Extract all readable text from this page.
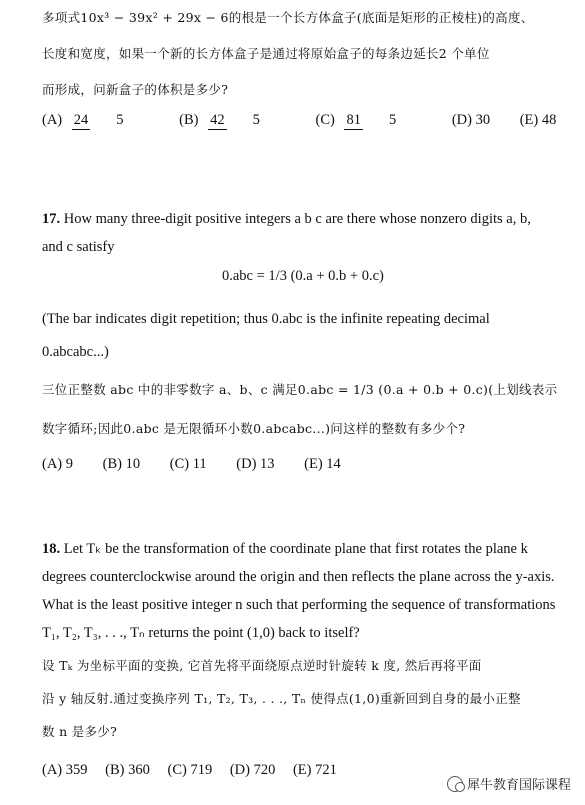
多项式10x³ − 39x² + 29x − 6的根是一个长方体盒子(底面是矩形的正棱柱)的高度、
长度和宽度，如果一个新的长方体盒子是通过将原始盒子的每条边延长2 个单位
而形成，问新盒子的体积是多少?
(A) 24 5	(B) 42 5	(C) 81 5	(D) 30 (E) 48
17. How many three-digit positive integers a b c are there whose nonzero digits a, b,
and c satisfy
0.abc = 1/3 (0.a + 0.b + 0.c)
(The bar indicates digit repetition; thus 0.abc is the infinite repeating decimal
0.abcabc...)
三位正整数 abc 中的非零数字 a、b、c 满足0.abc = 1/3 (0.a + 0.b + 0.c)(上划线表示
数字循环;因此0.abc 是无限循环小数0.abcabc...)问这样的整数有多少个?
(A) 9 (B) 10 (C) 11 (D) 13 (E) 14
18. Let Tₖ be the transformation of the coordinate plane that first rotates the plane k
degrees counterclockwise around the origin and then reflects the plane across the y-axis.
What is the least positive integer n such that performing the sequence of transformations
T₁, T₂, T₃, . . ., Tₙ returns the point (1,0) back to itself?
设 Tₖ 为坐标平面的变换, 它首先将平面绕原点逆时针旋转 k 度, 然后再将平面
沿 y 轴反射.通过变换序列 T₁, T₂, T₃, . . ., Tₙ 使得点(1,0)重新回到自身的最小正整
数 n 是多少?
(A) 359 (B) 360 (C) 719 (D) 720 (E) 721
犀牛教育国际课程
